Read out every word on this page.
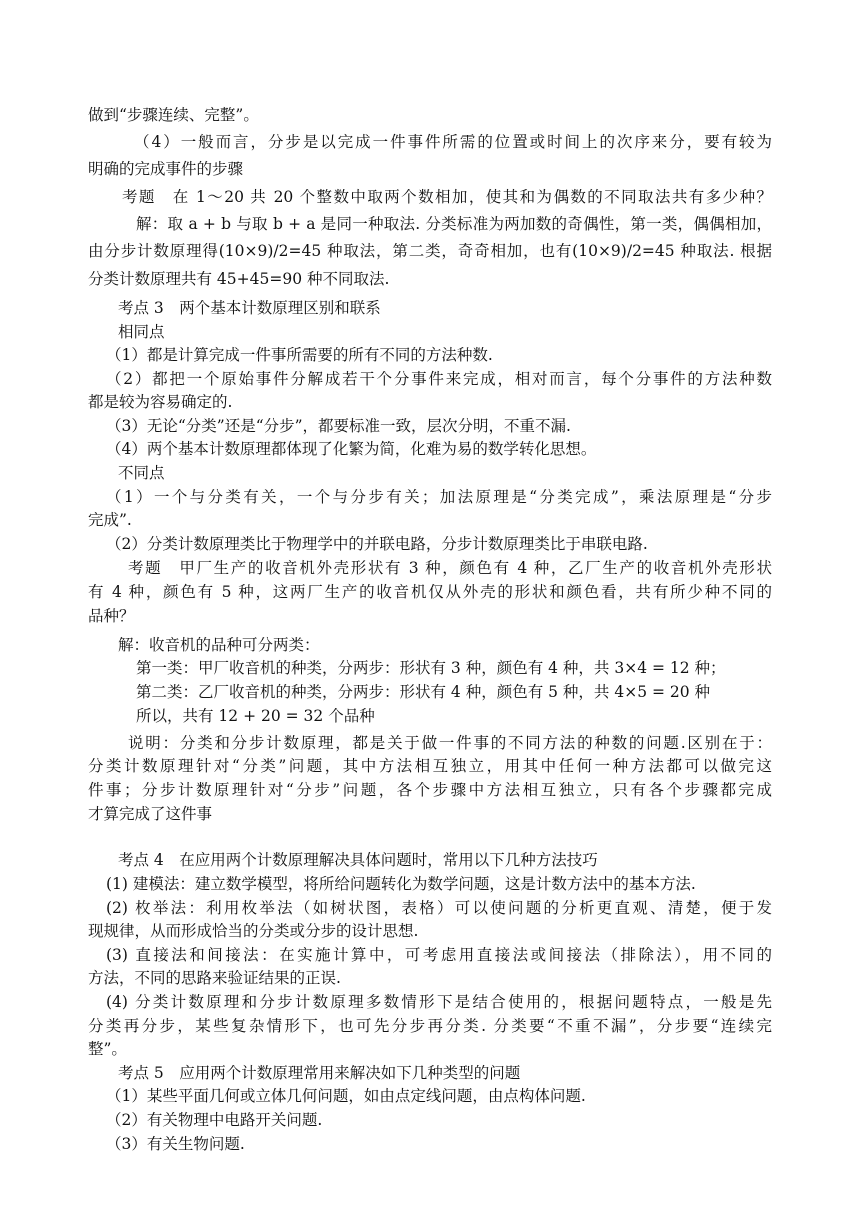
做到“步骤连续、完整”。
（4）一般而言，分步是以完成一件事件所需的位置或时间上的次序来分，要有较为
明确的完成事件的步骤
考题　在 1～20 共 20 个整数中取两个数相加，使其和为偶数的不同取法共有多少种？
解：取 a + b 与取 b + a 是同一种取法. 分类标准为两加数的奇偶性，第一类，偶偶相加，
由分步计数原理得(10×9)/2=45 种取法，第二类，奇奇相加，也有(10×9)/2=45 种取法. 根据
分类计数原理共有 45+45=90 种不同取法.
考点 3　两个基本计数原理区别和联系
相同点
（1）都是计算完成一件事所需要的所有不同的方法种数.
（2）都把一个原始事件分解成若干个分事件来完成，相对而言，每个分事件的方法种数
都是较为容易确定的.
（3）无论“分类”还是“分步”，都要标准一致，层次分明，不重不漏.
（4）两个基本计数原理都体现了化繁为简，化难为易的数学转化思想。
不同点
（1）一个与分类有关，一个与分步有关；加法原理是“分类完成”，乘法原理是“分步
完成”.
（2）分类计数原理类比于物理学中的并联电路，分步计数原理类比于串联电路.
考题　甲厂生产的收音机外壳形状有 3 种，颜色有 4 种，乙厂生产的收音机外壳形状
有 4 种，颜色有 5 种，这两厂生产的收音机仅从外壳的形状和颜色看，共有所少种不同的
品种？
解：收音机的品种可分两类：
第一类：甲厂收音机的种类，分两步：形状有 3 种，颜色有 4 种，共 3×4 = 12 种；
第二类：乙厂收音机的种类，分两步：形状有 4 种，颜色有 5 种，共 4×5 = 20 种
所以，共有 12 + 20 = 32 个品种
说明：分类和分步计数原理，都是关于做一件事的不同方法的种数的问题.区别在于：
分类计数原理针对“分类”问题，其中方法相互独立，用其中任何一种方法都可以做完这
件事；分步计数原理针对“分步”问题，各个步骤中方法相互独立，只有各个步骤都完成
才算完成了这件事
考点 4　在应用两个计数原理解决具体问题时，常用以下几种方法技巧
(1) 建模法：建立数学模型，将所给问题转化为数学问题，这是计数方法中的基本方法.
(2) 枚举法：利用枚举法（如树状图，表格）可以使问题的分析更直观、清楚，便于发
现规律，从而形成恰当的分类或分步的设计思想.
(3) 直接法和间接法：在实施计算中，可考虑用直接法或间接法（排除法），用不同的
方法，不同的思路来验证结果的正误.
(4) 分类计数原理和分步计数原理多数情形下是结合使用的，根据问题特点，一般是先
分类再分步，某些复杂情形下，也可先分步再分类. 分类要“不重不漏”，分步要“连续完
整”。
考点 5　应用两个计数原理常用来解决如下几种类型的问题
（1）某些平面几何或立体几何问题，如由点定线问题，由点构体问题.
（2）有关物理中电路开关问题.
（3）有关生物问题.
